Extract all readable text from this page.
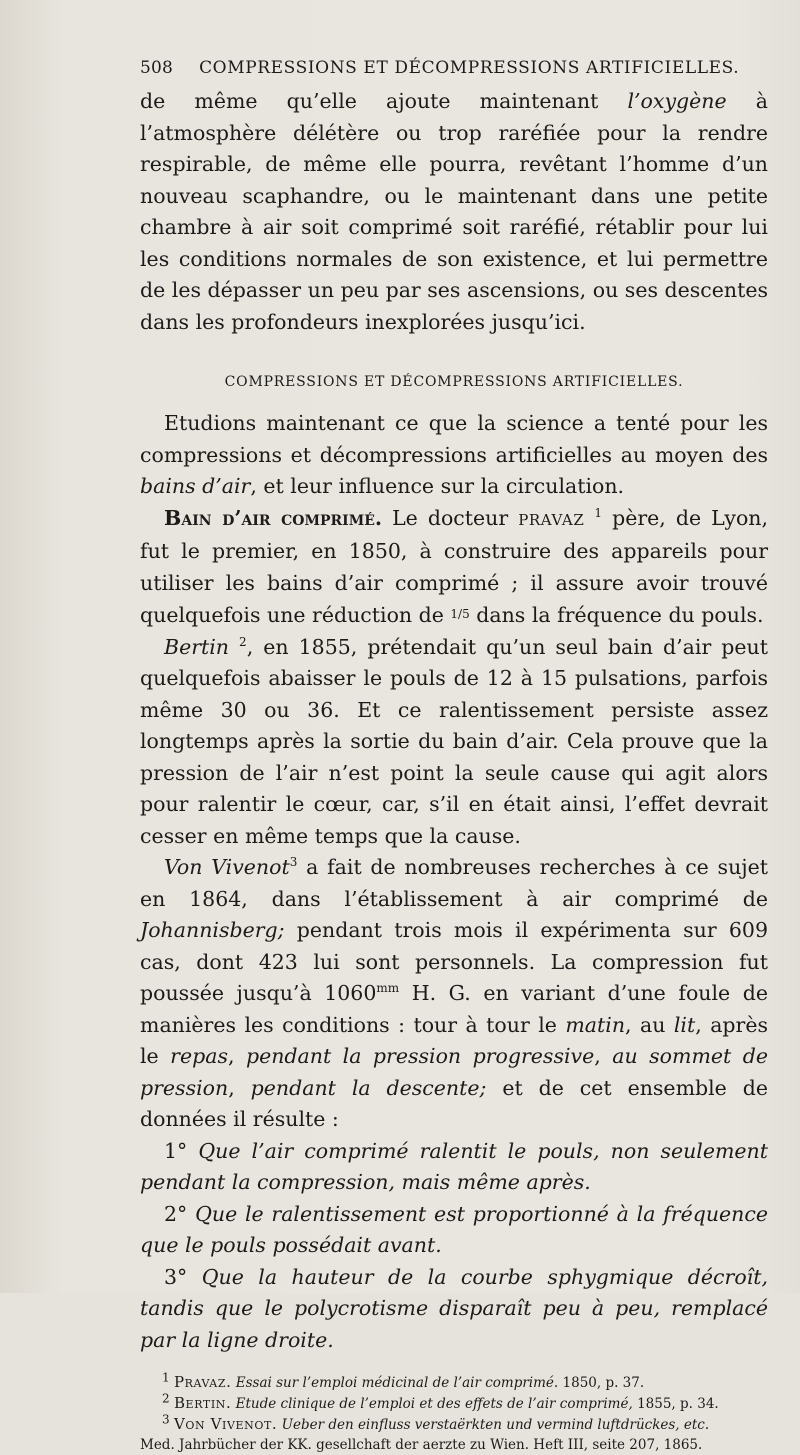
508 COMPRESSIONS ET DÉCOMPRESSIONS ARTIFICIELLES.

de même qu’elle ajoute maintenant l’oxygène à l’atmosphère délétère ou trop raréfiée pour la rendre respirable, de même elle pourra, revêtant l’homme d’un nouveau scaphandre, ou le maintenant dans une petite chambre à air soit comprimé soit raréfié, rétablir pour lui les conditions normales de son existence, et lui permettre de les dépasser un peu par ses ascensions, ou ses descentes dans les profondeurs inexplorées jusqu’ici.

COMPRESSIONS ET DÉCOMPRESSIONS ARTIFICIELLES.

Etudions maintenant ce que la science a tenté pour les compressions et décompressions artificielles au moyen des bains d’air, et leur influence sur la circulation.

Bain d’air comprimé. Le docteur PRAVAZ $^1$ père, de Lyon, fut le premier, en 1850, à construire des appareils pour utiliser les bains d’air comprimé ; il assure avoir trouvé quelquefois une réduction de 1/5 dans la fréquence du pouls.

Bertin $^2$, en 1855, prétendait qu’un seul bain d’air peut quelquefois abaisser le pouls de 12 à 15 pulsations, parfois même 30 ou 36. Et ce ralentissement persiste assez longtemps après la sortie du bain d’air. Cela prouve que la pression de l’air n’est point la seule cause qui agit alors pour ralentir le cœur, car, s’il en était ainsi, l’effet devrait cesser en même temps que la cause.

Von Vivenot$^3$ a fait de nombreuses recherches à ce sujet en 1864, dans l’établissement à air comprimé de Johannisberg; pendant trois mois il expérimenta sur 609 cas, dont 423 lui sont personnels. La compression fut poussée jusqu’à $1060^{mm}$ H. G. en variant d’une foule de manières les conditions : tour à tour le matin, au lit, après le repas, pendant la pression progressive, au sommet de pression, pendant la descente; et de cet ensemble de données il résulte :

1° Que l’air comprimé ralentit le pouls, non seulement pendant la compression, mais même après.

2° Que le ralentissement est proportionné à la fréquence que le pouls possédait avant.

3° Que la hauteur de la courbe sphygmique décroît, tandis que le polycrotisme disparaît peu à peu, remplacé par la ligne droite.

$^1$ Pravaz. Essai sur l’emploi médicinal de l’air comprimé. 1850, p. 37.

$^2$ Bertin. Etude clinique de l’emploi et des effets de l’air comprimé, 1855, p. 34.

$^3$ Von Vivenot. Ueber den einfluss verstaërkten und vermind luftdrückes, etc.

Med. Jahrbücher der KK. gesellchaft der aerzte zu Wien. Heft III, seite 207, 1865.
